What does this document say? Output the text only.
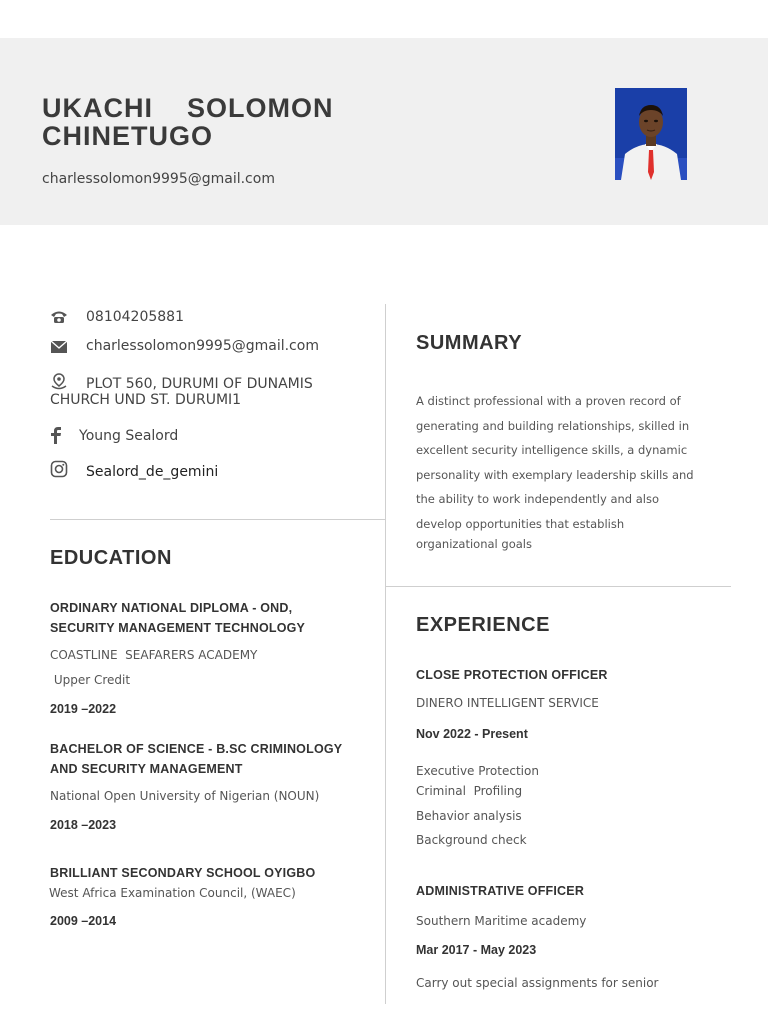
UKACHI    SOLOMON
CHINETUGO
charlessolomon9995@gmail.com
08104205881
charlessolomon9995@gmail.com
PLOT 560, DURUMI OF DUNAMIS
CHURCH UND ST. DURUMI1
Young Sealord
Sealord_de_gemini
EDUCATION
ORDINARY NATIONAL DIPLOMA - OND,
SECURITY MANAGEMENT TECHNOLOGY
COASTLINE  SEAFARERS ACADEMY
Upper Credit
2019 –2022
BACHELOR OF SCIENCE - B.SC CRIMINOLOGY
AND SECURITY MANAGEMENT
National Open University of Nigerian (NOUN)
2018 –2023
BRILLIANT SECONDARY SCHOOL OYIGBO
West Africa Examination Council, (WAEC)
2009 –2014
SUMMARY
A distinct professional with a proven record of
generating and building relationships, skilled in
excellent security intelligence skills, a dynamic
personality with exemplary leadership skills and
the ability to work independently and also
develop opportunities that establish
organizational goals
EXPERIENCE
CLOSE PROTECTION OFFICER
DINERO INTELLIGENT SERVICE
Nov 2022 - Present
Executive Protection
Criminal  Profiling
Behavior analysis
Background check
ADMINISTRATIVE OFFICER
Southern Maritime academy
Mar 2017 - May 2023
Carry out special assignments for senior
